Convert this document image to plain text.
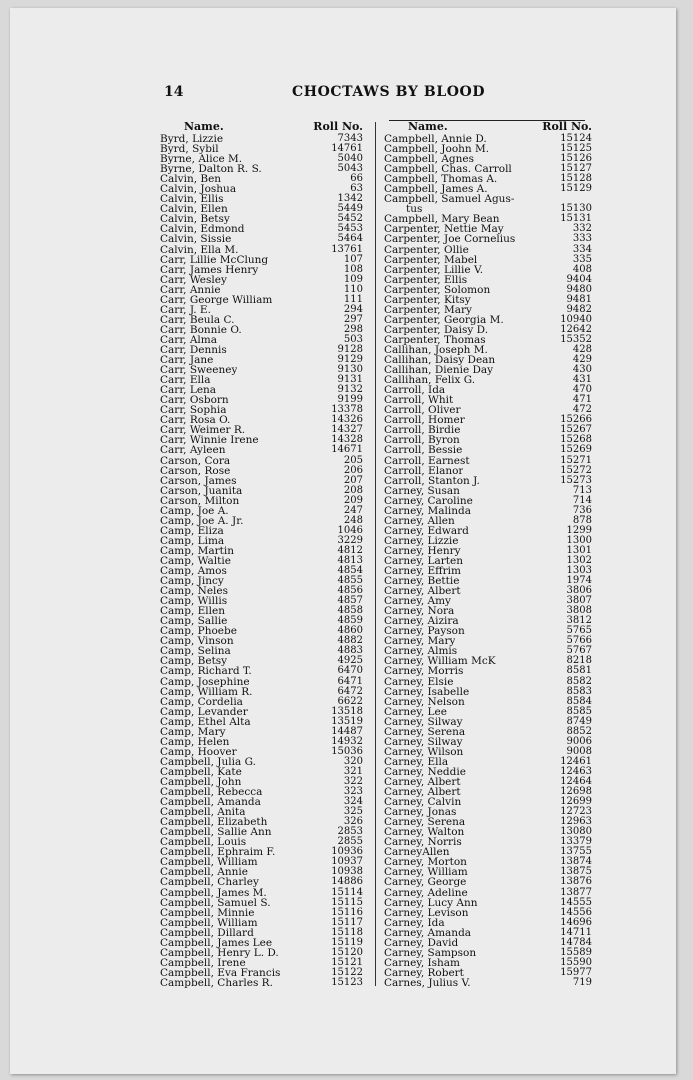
14	CHOCTAWS BY BLOOD
Name.	Roll No.
Byrd, Lizzie	7343
Byrd, Sybil	14761
Byrne, Alice M.	5040
Byrne, Dalton R. S.	5043
Calvin, Ben	66
Calvin, Joshua	63
Calvin, Ellis	1342
Calvin, Ellen	5449
Calvin, Betsy	5452
Calvin, Edmond	5453
Calvin, Sissie	5464
Calvin, Ella M.	13761
Carr, Lillie McClung	107
Carr, James Henry	108
Carr, Wesley	109
Carr, Annie	110
Carr, George William	111
Carr, J. E.	294
Carr, Beula C.	297
Carr, Bonnie O.	298
Carr, Alma	503
Carr, Dennis	9128
Carr, Jane	9129
Carr, Sweeney	9130
Carr, Ella	9131
Carr, Lena	9132
Carr, Osborn	9199
Carr, Sophia	13378
Carr, Rosa O.	14326
Carr, Weimer R.	14327
Carr, Winnie Irene	14328
Carr, Ayleen	14671
Carson, Cora	205
Carson, Rose	206
Carson, James	207
Carson, Juanita	208
Carson, Milton	209
Camp, Joe A.	247
Camp, Joe A. Jr.	248
Camp, Eliza	1046
Camp, Lima	3229
Camp, Martin	4812
Camp, Waltie	4813
Camp, Amos	4854
Camp, Jincy	4855
Camp, Neles	4856
Camp, Willis	4857
Camp, Ellen	4858
Camp, Sallie	4859
Camp, Phoebe	4860
Camp, Vinson	4882
Camp, Selina	4883
Camp, Betsy	4925
Camp, Richard T.	6470
Camp, Josephine	6471
Camp, William R.	6472
Camp, Cordelia	6622
Camp, Levander	13518
Camp, Ethel Alta	13519
Camp, Mary	14487
Camp, Helen	14932
Camp, Hoover	15036
Campbell, Julia G.	320
Campbell, Kate	321
Campbell, John	322
Campbell, Rebecca	323
Campbell, Amanda	324
Campbell, Anita	325
Campbell, Elizabeth	326
Campbell, Sallie Ann	2853
Campbell, Louis	2855
Campbell, Ephraim F.	10936
Campbell, William	10937
Campbell, Annie	10938
Campbell, Charley	14886
Campbell, James M.	15114
Campbell, Samuel S.	15115
Campbell, Minnie	15116
Campbell, William	15117
Campbell, Dillard	15118
Campbell, James Lee	15119
Campbell, Henry L. D.	15120
Campbell, Irene	15121
Campbell, Eva Francis	15122
Campbell, Charles R.	15123
Name.	Roll No.
Campbell, Annie D.	15124
Campbell, Joohn M.	15125
Campbell, Agnes	15126
Campbell, Chas. Carroll	15127
Campbell, Thomas A.	15128
Campbell, James A.	15129
Campbell, Samuel Agus-
tus	15130
Campbell, Mary Bean	15131
Carpenter, Nettie May	332
Carpenter, Joe Cornelius	333
Carpenter, Ollie	334
Carpenter, Mabel	335
Carpenter, Lillie V.	408
Carpenter, Ellis	9404
Carpenter, Solomon	9480
Carpenter, Kitsy	9481
Carpenter, Mary	9482
Carpenter, Georgia M.	10940
Carpenter, Daisy D.	12642
Carpenter, Thomas	15352
Callihan, Joseph M.	428
Callihan, Daisy Dean	429
Callihan, Dienie Day	430
Callihan, Felix G.	431
Carroll, Ida	470
Carroll, Whit	471
Carroll, Oliver	472
Carroll, Homer	15266
Carroll, Birdie	15267
Carroll, Byron	15268
Carroll, Bessie	15269
Carroll, Earnest	15271
Carroll, Elanor	15272
Carroll, Stanton J.	15273
Carney, Susan	713
Carney, Caroline	714
Carney, Malinda	736
Carney, Allen	878
Carney, Edward	1299
Carney, Lizzie	1300
Carney, Henry	1301
Carney, Larten	1302
Carney, Effrim	1303
Carney, Bettie	1974
Carney, Albert	3806
Carney, Amy	3807
Carney, Nora	3808
Carney, Aizira	3812
Carney, Payson	5765
Carney, Mary	5766
Carney, Almis	5767
Carney, William McK	8218
Carney, Morris	8581
Carney, Elsie	8582
Carney, Isabelle	8583
Carney, Nelson	8584
Carney, Lee	8585
Carney, Silway	8749
Carney, Serena	8852
Carney, Silway	9006
Carney, Wilson	9008
Carney, Ella	12461
Carney, Neddie	12463
Carney, Albert	12464
Carney, Albert	12698
Carney, Calvin	12699
Carney, Jonas	12723
Carney, Serena	12963
Carney, Walton	13080
Carney, Norris	13379
CarneyAllen	13755
Carney, Morton	13874
Carney, William	13875
Carney, George	13876
Carney, Adeline	13877
Carney, Lucy Ann	14555
Carney, Levison	14556
Carney, Ida	14696
Carney, Amanda	14711
Carney, David	14784
Carney, Sampson	15589
Carney, Isham	15590
Carney, Robert	15977
Carnes, Julius V.	719
